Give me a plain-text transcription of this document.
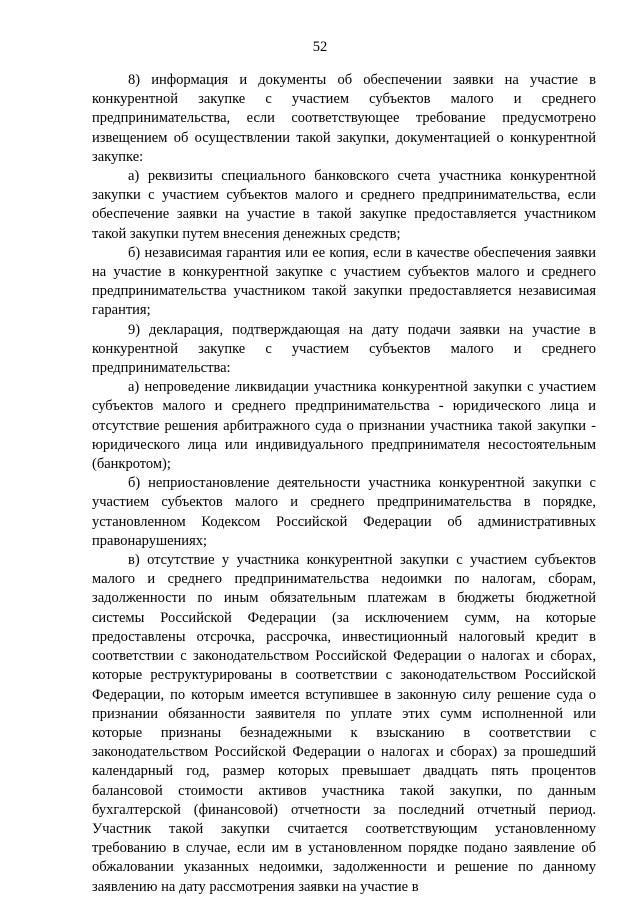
52

8) информация и документы об обеспечении заявки на участие в конкурентной закупке с участием субъектов малого и среднего предпринимательства, если соответствующее требование предусмотрено извещением об осуществлении такой закупки, документацией о конкурентной закупке:

а) реквизиты специального банковского счета участника конкурентной закупки с участием субъектов малого и среднего предпринимательства, если обеспечение заявки на участие в такой закупке предоставляется участником такой закупки путем внесения денежных средств;

б) независимая гарантия или ее копия, если в качестве обеспечения заявки на участие в конкурентной закупке с участием субъектов малого и среднего предпринимательства участником такой закупки предоставляется независимая гарантия;

9) декларация, подтверждающая на дату подачи заявки на участие в конкурентной закупке с участием субъектов малого и среднего предпринимательства:

а) непроведение ликвидации участника конкурентной закупки с участием субъектов малого и среднего предпринимательства - юридического лица и отсутствие решения арбитражного суда о признании участника такой закупки - юридического лица или индивидуального предпринимателя несостоятельным (банкротом);

б) неприостановление деятельности участника конкурентной закупки с участием субъектов малого и среднего предпринимательства в порядке, установленном Кодексом Российской Федерации об административных правонарушениях;

в) отсутствие у участника конкурентной закупки с участием субъектов малого и среднего предпринимательства недоимки по налогам, сборам, задолженности по иным обязательным платежам в бюджеты бюджетной системы Российской Федерации (за исключением сумм, на которые предоставлены отсрочка, рассрочка, инвестиционный налоговый кредит в соответствии с законодательством Российской Федерации о налогах и сборах, которые реструктурированы в соответствии с законодательством Российской Федерации, по которым имеется вступившее в законную силу решение суда о признании обязанности заявителя по уплате этих сумм исполненной или которые признаны безнадежными к взысканию в соответствии с законодательством Российской Федерации о налогах и сборах) за прошедший календарный год, размер которых превышает двадцать пять процентов балансовой стоимости активов участника такой закупки, по данным бухгалтерской (финансовой) отчетности за последний отчетный период. Участник такой закупки считается соответствующим установленному требованию в случае, если им в установленном порядке подано заявление об обжаловании указанных недоимки, задолженности и решение по данному заявлению на дату рассмотрения заявки на участие в
